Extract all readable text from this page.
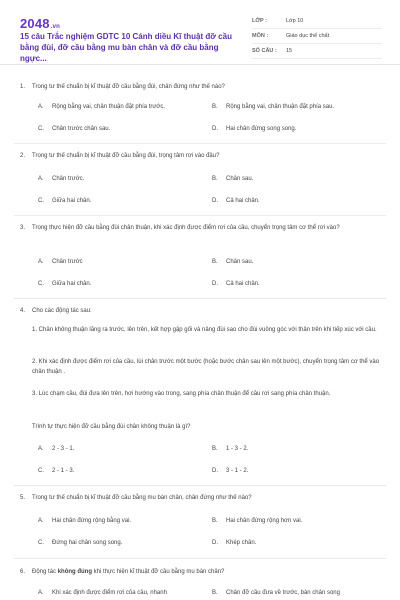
2048.vn
15 câu Trắc nghiệm GDTC 10 Cánh diều Kĩ thuật đỡ cầu bằng đùi, đỡ cầu bằng mu bàn chân và đỡ cầu bằng ngực...
LỚP :	Lớp 10
MÔN :	Giáo dục thể chất
SỐ CÂU :	15
1. Trong tư thế chuẩn bị kĩ thuật đỡ cầu bằng đùi, chân đứng như thế nào?
A. Rộng bằng vai, chân thuận đặt phía trước.	B. Rộng bằng vai, chân thuận đặt phía sau.
C. Chân trước chân sau.	D. Hai chân đứng song song.
2. Trong tư thế chuẩn bị kĩ thuật đỡ cầu bằng đùi, trọng tâm rơi vào đâu?
A. Chân trước.	B. Chân sau.
C. Giữa hai chân.	D. Cả hai chân.
3. Trong thực hiện đỡ cầu bằng đùi chân thuận, khi xác định được điểm rơi của cầu, chuyển trọng tâm cơ thể rơi vào?
A. Chân trước	B. Chân sau.
C. Giữa hai chân.	D. Cả hai chân.
4. Cho các động tác sau:
1. Chân không thuận lăng ra trước, lên trên, kết hợp gập gối và nâng đùi sao cho đùi vuông góc với thân trên khi tiếp xúc với cầu.
2. Khi xác định được điểm rơi của cầu, lùi chân trước một bước (hoặc bước chân sau lên một bước), chuyển trọng tâm cơ thể vào chân thuận .
3. Lúc chạm cầu, đùi đưa lên trên, hơi hướng vào trong, sang phía chân thuận để cầu rơi sang phía chân thuận.
Trình tự thực hiện đỡ cầu bằng đùi chân không thuận là gì?
A. 2 - 3 - 1.	B. 1 - 3 - 2.
C. 2 - 1 - 3.	D. 3 - 1 - 2.
5. Trong tư thế chuẩn bị kĩ thuật đỡ cầu bằng mu bàn chân, chân đứng như thế nào?
A. Hai chân đứng rộng bằng vai.	B. Hai chân đứng rộng hơn vai.
C. Đứng hai chân song song.	D. Khép chân.
6. Động tác không đúng khi thực hiện kĩ thuật đỡ cầu bằng mu bàn chân?
A. Khi xác định được điểm rơi của cầu, nhanh	B. Chân đỡ cầu đưa về trước, bàn chân song
